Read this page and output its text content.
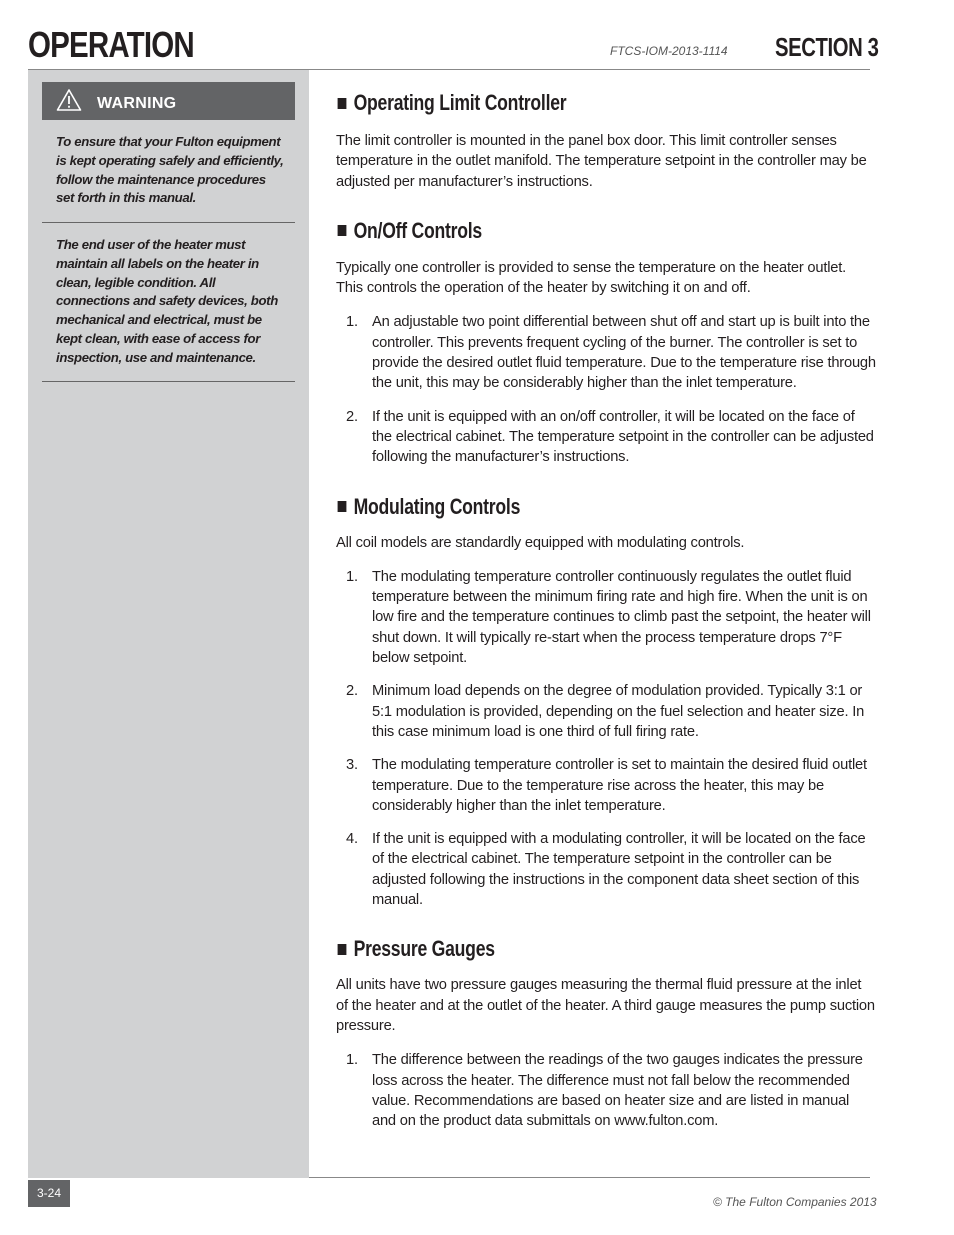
OPERATION	FTCS-IOM-2013-1114 SECTION 3
WARNING
To ensure that your Fulton equipment is kept operating safely and efficiently, follow the maintenance procedures set forth in this manual.
The end user of the heater must maintain all labels on the heater in clean, legible condition. All connections and safety devices, both mechanical and electrical, must be kept clean, with ease of access for inspection, use and maintenance.
Operating Limit Controller

The limit controller is mounted in the panel box door. This limit controller senses temperature in the outlet manifold. The temperature setpoint in the controller may be adjusted per manufacturer’s instructions.

On/Off Controls

Typically one controller is provided to sense the temperature on the heater outlet. This controls the operation of the heater by switching it on and off.

1. An adjustable two point differential between shut off and start up is built into the controller. This prevents frequent cycling of the burner. The controller is set to provide the desired outlet fluid temperature. Due to the temperature rise through the unit, this may be considerably higher than the inlet temperature.
2. If the unit is equipped with an on/off controller, it will be located on the face of the electrical cabinet. The temperature setpoint in the controller can be adjusted following the manufacturer’s instructions.
Modulating Controls

All coil models are standardly equipped with modulating controls.

1. The modulating temperature controller continuously regulates the outlet fluid temperature between the minimum firing rate and high fire. When the unit is on low fire and the temperature continues to climb past the setpoint, the heater will shut down. It will typically re-start when the process temperature drops 7°F below setpoint.
2. Minimum load depends on the degree of modulation provided. Typically 3:1 or 5:1 modulation is provided, depending on the fuel selection and heater size. In this case minimum load is one third of full firing rate.
3. The modulating temperature controller is set to maintain the desired fluid outlet temperature. Due to the temperature rise across the heater, this may be considerably higher than the inlet temperature.
4. If the unit is equipped with a modulating controller, it will be located on the face of the electrical cabinet. The temperature setpoint in the controller can be adjusted following the instructions in the component data sheet section of this manual.
Pressure Gauges

All units have two pressure gauges measuring the thermal fluid pressure at the inlet of the heater and at the outlet of the heater. A third gauge measures the pump suction pressure.

1. The difference between the readings of the two gauges indicates the pressure loss across the heater. The difference must not fall below the recommended value. Recommendations are based on heater size and are listed in manual and on the product data submittals on www.fulton.com.
3-24
© The Fulton Companies 2013
